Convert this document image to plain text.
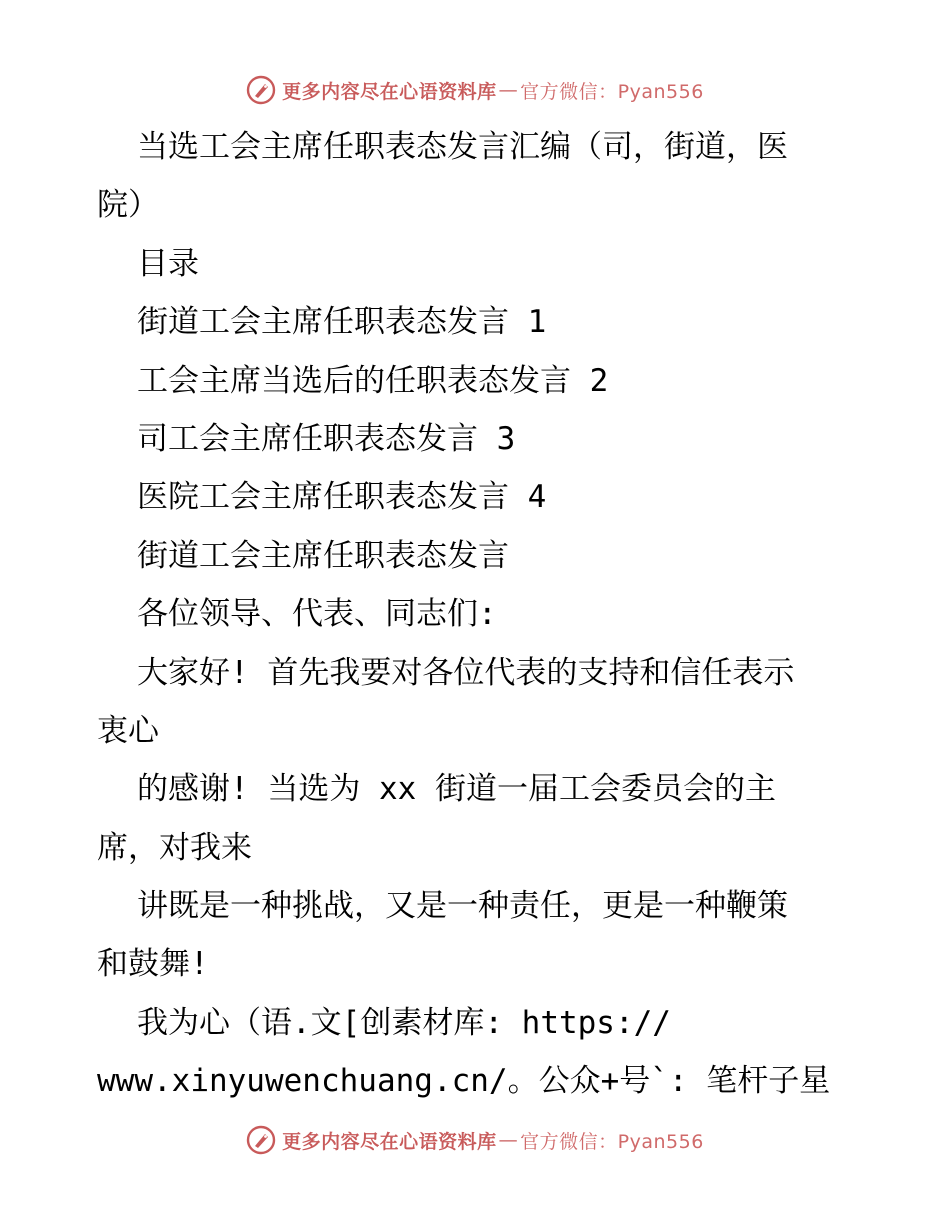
更多内容尽在心语资料库 — 官方微信：Pyan556
当选工会主席任职表态发言汇编（司，街道，医
院）
目录
街道工会主席任职表态发言 1
工会主席当选后的任职表态发言 2
司工会主席任职表态发言 3
医院工会主席任职表态发言 4
街道工会主席任职表态发言
各位领导、代表、同志们:
大家好! 首先我要对各位代表的支持和信任表示
衷心
的感谢! 当选为 xx 街道一届工会委员会的主
席，对我来
讲既是一种挑战，又是一种责任，更是一种鞭策
和鼓舞!
我为心（语.文[创素材库: https://
www.xinyuwenchuang.cn/。公众+号`: 笔杆子星
更多内容尽在心语资料库 — 官方微信：Pyan556
